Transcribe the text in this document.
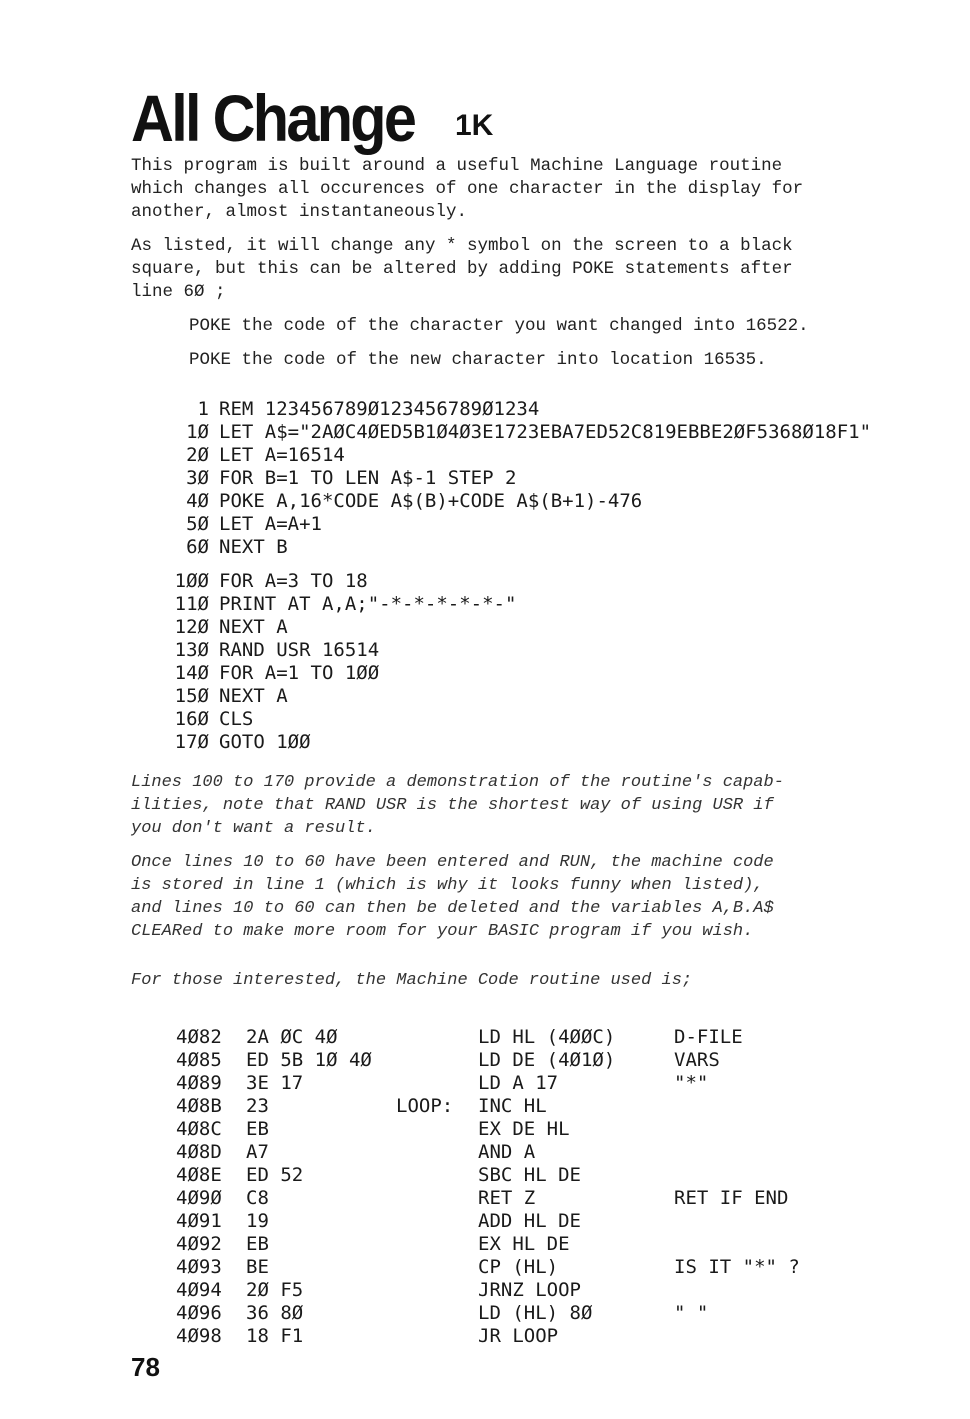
All Change 1K
This program is built around a useful Machine Language routine
which changes all occurences of one character in the display for
another, almost instantaneously.
As listed, it will change any * symbol on the screen to a black
square, but this can be altered by adding POKE statements after
line 6Ø ;
POKE the code of the character you want changed into 16522.
POKE the code of the new character into location 16535.
1 REM 123456789Ø123456789Ø1234
1Ø LET A$="2AØC4ØED5B1Ø4Ø3E1723EBA7ED52C819EBBE2ØF5368Ø18F1"
2Ø LET A=16514
3Ø FOR B=1 TO LEN A$-1 STEP 2
4Ø POKE A,16*CODE A$(B)+CODE A$(B+1)-476
5Ø LET A=A+1
6Ø NEXT B
1ØØ FOR A=3 TO 18
11Ø PRINT AT A,A;"-*-*-*-*-*-"
12Ø NEXT A
13Ø RAND USR 16514
14Ø FOR A=1 TO 1ØØ
15Ø NEXT A
16Ø CLS
17Ø GOTO 1ØØ
Lines 100 to 170 provide a demonstration of the routine's capab-
ilities, note that RAND USR is the shortest way of using USR if
you don't want a result.
Once lines 10 to 60 have been entered and RUN, the machine code
is stored in line 1 (which is why it looks funny when listed),
and lines 10 to 60 can then be deleted and the variables A,B.A$
CLEARed to make more room for your BASIC program if you wish.
For those interested, the Machine Code routine used is;
4Ø82 2A ØC 4Ø	LD HL (4ØØC)	D-FILE
4Ø85 ED 5B 1Ø 4Ø	LD DE (4Ø1Ø)	VARS
4Ø89 3E 17	LD A 17	"*"
4Ø8B 23	LOOP: INC HL
4Ø8C EB	EX DE HL
4Ø8D A7	AND A
4Ø8E ED 52	SBC HL DE
4Ø9Ø C8	RET Z	RET IF END
4Ø91 19	ADD HL DE
4Ø92 EB	EX HL DE
4Ø93 BE	CP (HL)	IS IT "*" ?
4Ø94 2Ø F5	JRNZ LOOP
4Ø96 36 8Ø	LD (HL) 8Ø	" "
4Ø98 18 F1	JR LOOP
78
